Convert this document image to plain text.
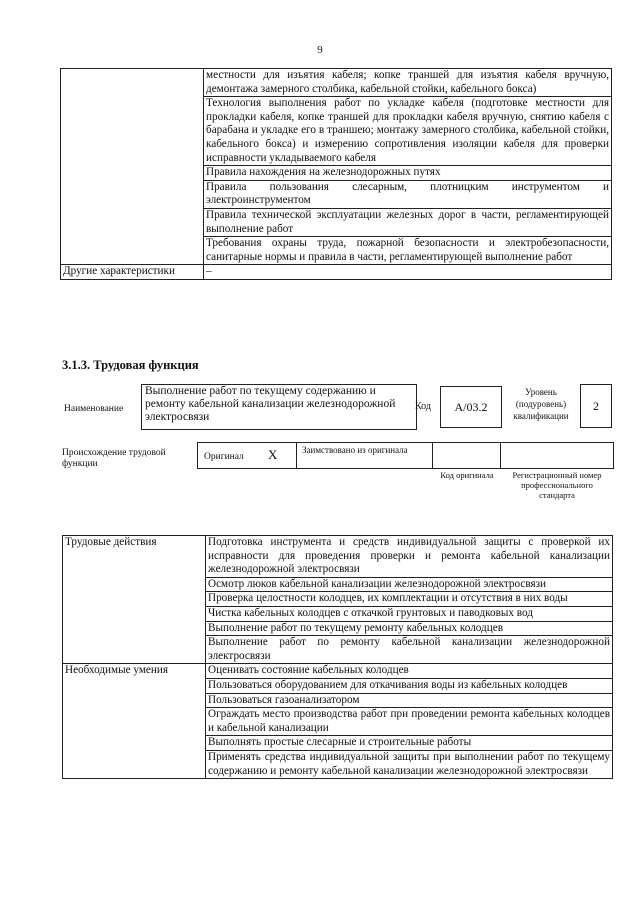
9
	местности для изъятия кабеля; копке траншей для изъятия кабеля вручную, демонтажа замерного столбика, кабельной стойки, кабельного бокса)
	Технология выполнения работ по укладке кабеля (подготовке местности для прокладки кабеля, копке траншей для прокладки кабеля вручную, снятию кабеля с барабана и укладке его в траншею; монтажу замерного столбика, кабельной стойки, кабельного бокса) и измерению сопротивления изоляции кабеля для проверки исправности укладываемого кабеля
	Правила нахождения на железнодорожных путях
	Правила пользования слесарным, плотницким инструментом и электроинструментом
	Правила технической эксплуатации железных дорог в части, регламентирующей выполнение работ
	Требования охраны труда, пожарной безопасности и электробезопасности, санитарные нормы и правила в части, регламентирующей выполнение работ
Другие характеристики	–
3.1.3. Трудовая функция
Наименование
Выполнение работ по текущему содержанию и ремонту кабельной канализации железнодорожной электросвязи
Код	А/03.2
Уровень (подуровень) квалификации
2
Происхождение трудовой функции
Оригинал Х	Заимствовано из оригинала
Код оригинала	Регистрационный номер профессионального стандарта
Трудовые действия	Подготовка инструмента и средств индивидуальной защиты с проверкой их исправности для проведения проверки и ремонта кабельной канализации железнодорожной электросвязи
	Осмотр люков кабельной канализации железнодорожной электросвязи
	Проверка целостности колодцев, их комплектации и отсутствия в них воды
	Чистка кабельных колодцев с откачкой грунтовых и паводковых вод
	Выполнение работ по текущему ремонту кабельных колодцев
	Выполнение работ по ремонту кабельной канализации железнодорожной электросвязи
Необходимые умения	Оценивать состояние кабельных колодцев
	Пользоваться оборудованием для откачивания воды из кабельных колодцев
	Пользоваться газоанализатором
	Ограждать место производства работ при проведении ремонта кабельных колодцев и кабельной канализации
	Выполнять простые слесарные и строительные работы
	Применять средства индивидуальной защиты при выполнении работ по текущему содержанию и ремонту кабельной канализации железнодорожной электросвязи
